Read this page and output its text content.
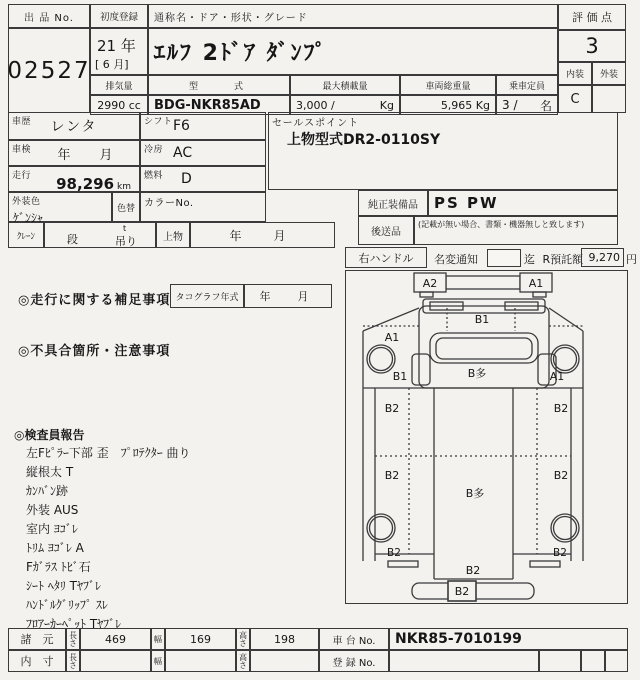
出 品 No.
02527
初度登録
21 年
[ 6 月]
通称名・ドア・形状・グレード
ｴﾙﾌ 2ﾄﾞｱ ﾀﾞﾝﾌﾟ
排気量
2990 cc
型　　式
BDG-NKR85AD
最大積載量
3,000 /	Kg
車両総重量
5,965 Kg
乗車定員
3 / 名
評 価 点
3
内装	外装
C
車歴	レンタ	シフト F6
車検	年　月	冷房 AC
走行 98,296 km
燃料	D
外装色
ｹﾞﾝｼｬ
色替 カラーNo.
ｸﾚｰﾝ	段
t
吊り	上物	年　月
セールスポイント
上物型式DR2-0110SY
純正装備品	PS PW
後送品
(記載が無い場合、書類・機器無しと致します)
右ハンドル	名変通知	迄 R預託額 9,270 円
◎走行に関する補足事項 タコグラフ年式	年　月
◎不具合箇所・注意事項
◎検査員報告
左Fﾋﾟﾗｰ下部 歪　ﾌﾟﾛﾃｸﾀｰ 曲り
縦根太 T
ｶﾝﾊﾞﾝ跡
外装 AUS
室内 ﾖｺﾞﾚ
ﾄﾘﾑ ﾖｺﾞﾚ A
Fｶﾞﾗｽ ﾄﾋﾞ石
ｼｰﾄ ﾍﾀﾘ Tﾔﾌﾞﾚ
ﾊﾝﾄﾞﾙｸﾞﾘｯﾌﾟ ｽﾚ
ﾌﾛｱｰｶｰﾍﾟｯﾄ Tﾔﾌﾞﾚ
A2	A1
B1
A1
B1	A1
B多
B2	B2
B2	B2
B多
B2	B2
B2
B2
諸　元	長さ	469	幅	169	高さ	198	車 台 No.	NKR85-7010199
内　寸	長さ	幅	高さ	登 録 No.
